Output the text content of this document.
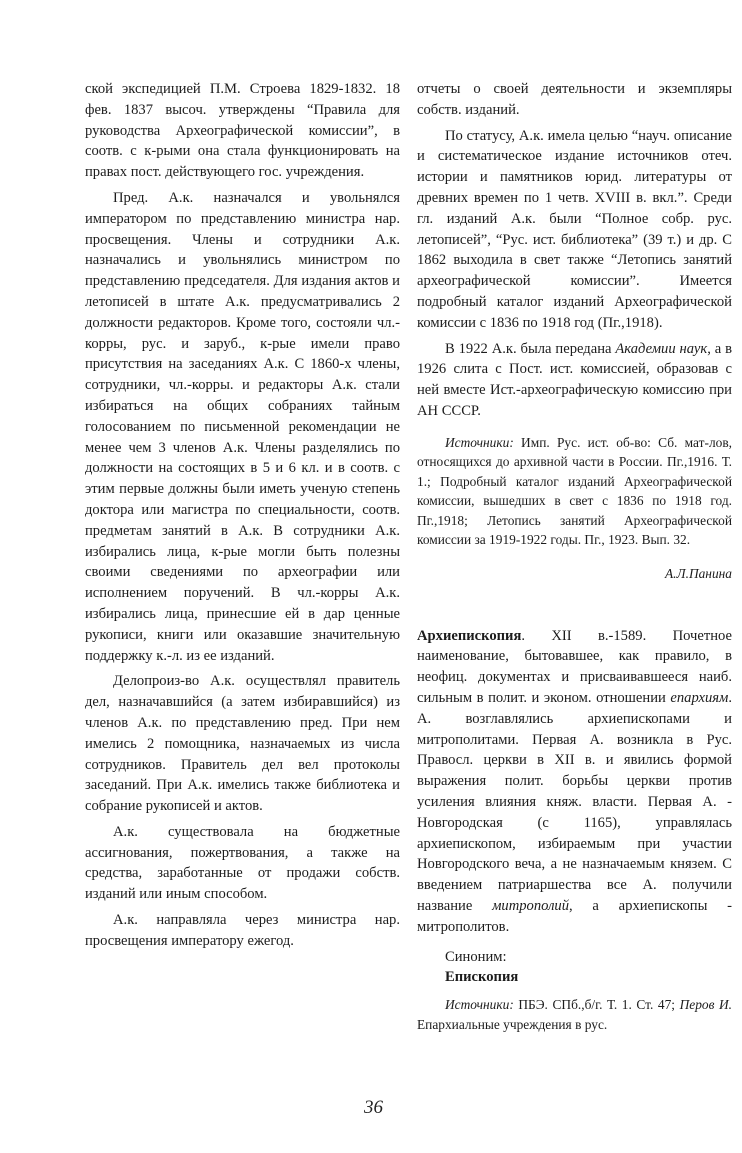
ской экспедицией П.М. Строева 1829-1832. 18 фев. 1837 высоч. утверждены “Правила для руководства Археографической комиссии”, в соотв. с к-рыми она стала функционировать на правах пост. действующего гос. учреждения.

Пред. А.к. назначался и увольнялся императором по представлению министра нар. просвещения. Члены и сотрудники А.к. назначались и увольнялись министром по представлению председателя. Для издания актов и летописей в штате А.к. предусматривались 2 должности редакторов. Кроме того, состояли чл.-корры, рус. и заруб., к-рые имели право присутствия на заседаниях А.к. С 1860-х члены, сотрудники, чл.-корры. и редакторы А.к. стали избираться на общих собраниях тайным голосованием по письменной рекомендации не менее чем 3 членов А.к. Члены разделялись по должности на состоящих в 5 и 6 кл. и в соотв. с этим первые должны были иметь ученую степень доктора или магистра по специальности, соотв. предметам занятий в А.к. В сотрудники А.к. избирались лица, к-рые могли быть полезны своими сведениями по археографии или исполнением поручений. В чл.-корры А.к. избирались лица, принесшие ей в дар ценные рукописи, книги или оказавшие значительную поддержку к.-л. из ее изданий.

Делопроиз-во А.к. осуществлял правитель дел, назначавшийся (а затем избиравшийся) из членов А.к. по представлению пред. При нем имелись 2 помощника, назначаемых из числа сотрудников. Правитель дел вел протоколы заседаний. При А.к. имелись также библиотека и собрание рукописей и актов.

А.к. существовала на бюджетные ассигнования, пожертвования, а также на средства, заработанные от продажи собств. изданий или иным способом.

А.к. направляла через министра нар. просвещения императору ежегод.

отчеты о своей деятельности и экземпляры собств. изданий.

По статусу, А.к. имела целью “науч. описание и систематическое издание источников отеч. истории и памятников юрид. литературы от древних времен по 1 четв. XVIII в. вкл.”. Среди гл. изданий А.к. были “Полное собр. рус. летописей”, “Рус. ист. библиотека” (39 т.) и др. С 1862 выходила в свет также “Летопись занятий археографической комиссии”. Имеется подробный каталог изданий Археографической комиссии с 1836 по 1918 год (Пг.,1918).

В 1922 А.к. была передана Академии наук, а в 1926 слита с Пост. ист. комиссией, образовав с ней вместе Ист.-археографическую комиссию при АН СССР.

Источники: Имп. Рус. ист. об-во: Сб. мат-лов, относящихся до архивной части в России. Пг.,1916. Т. 1.; Подробный каталог изданий Археографической комиссии, вышедших в свет с 1836 по 1918 год. Пг.,1918; Летопись занятий Археографической комиссии за 1919-1922 годы. Пг., 1923. Вып. 32.

А.Л.Панина

Архиепископия. XII в.-1589. Почетное наименование, бытовавшее, как правило, в неофиц. документах и присваивавшееся наиб. сильным в полит. и эконом. отношении епархиям. А. возглавлялись архиепископами и митрополитами. Первая А. возникла в Рус. Правосл. церкви в XII в. и явились формой выражения полит. борьбы церкви против усиления влияния княж. власти. Первая А. - Новгородская (с 1165), управлялась архиепископом, избираемым при участии Новгородского веча, а не назначаемым князем. С введением патриаршества все А. получили название митрополий, а архиепископы - митрополитов.

Синоним:

Епископия

Источники: ПБЭ. СПб.,б/г. Т. 1. Ст. 47; Перов И. Епархиальные учреждения в рус.

36
